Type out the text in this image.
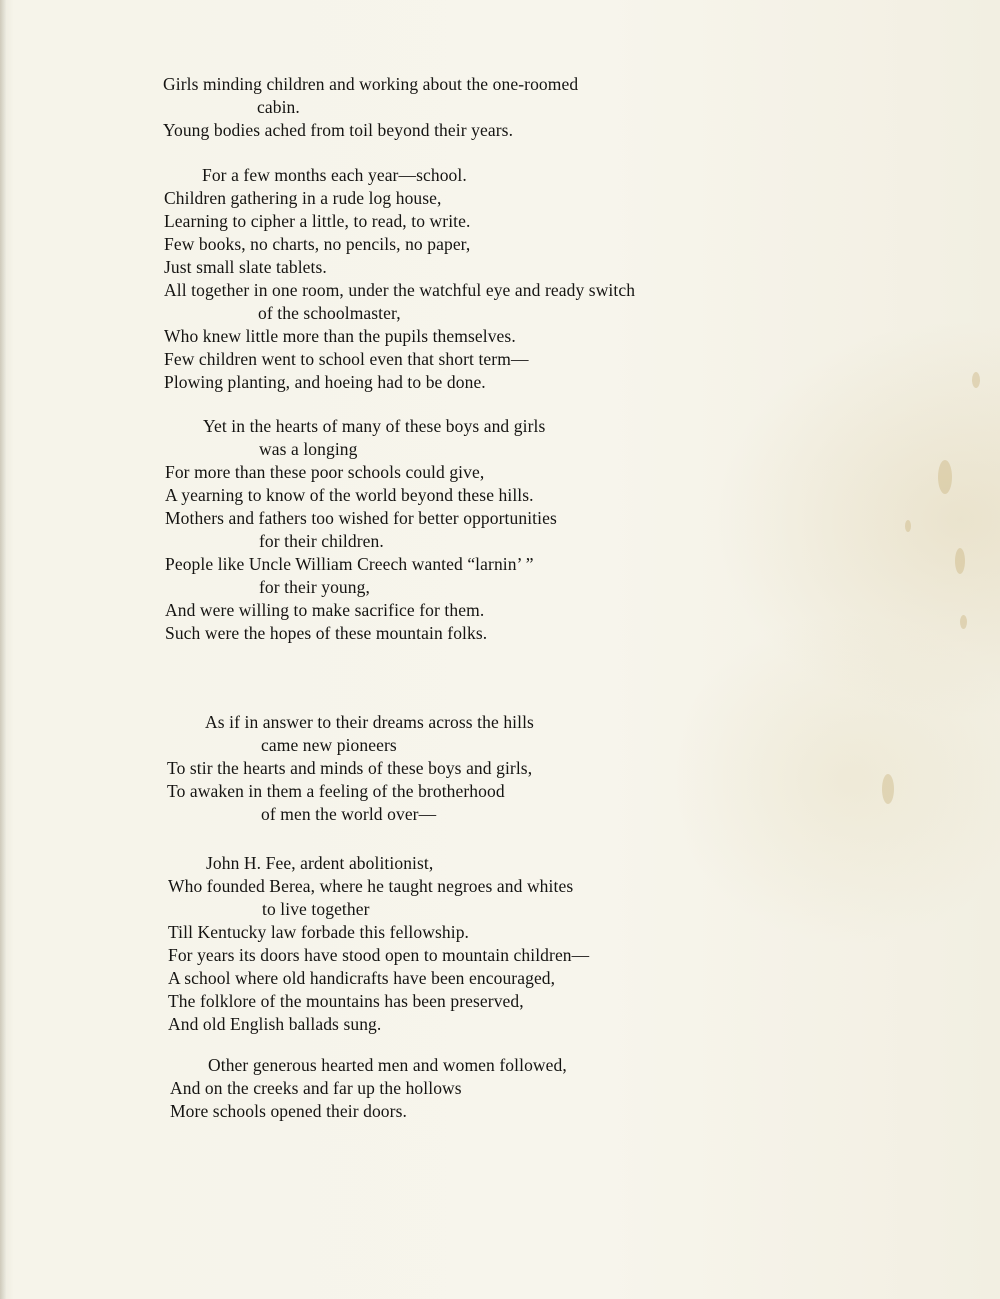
Girls minding children and working about the one-roomed
cabin.
Young bodies ached from toil beyond their years.
For a few months each year—school.
Children gathering in a rude log house,
Learning to cipher a little, to read, to write.
Few books, no charts, no pencils, no paper,
Just small slate tablets.
All together in one room, under the watchful eye and ready switch
of the schoolmaster,
Who knew little more than the pupils themselves.
Few children went to school even that short term—
Plowing planting, and hoeing had to be done.
Yet in the hearts of many of these boys and girls
was a longing
For more than these poor schools could give,
A yearning to know of the world beyond these hills.
Mothers and fathers too wished for better opportunities
for their children.
People like Uncle William Creech wanted “larnin’ ”
for their young,
And were willing to make sacrifice for them.
Such were the hopes of these mountain folks.
As if in answer to their dreams across the hills
came new pioneers
To stir the hearts and minds of these boys and girls,
To awaken in them a feeling of the brotherhood
of men the world over—
John H. Fee, ardent abolitionist,
Who founded Berea, where he taught negroes and whites
to live together
Till Kentucky law forbade this fellowship.
For years its doors have stood open to mountain children—
A school where old handicrafts have been encouraged,
The folklore of the mountains has been preserved,
And old English ballads sung.
Other generous hearted men and women followed,
And on the creeks and far up the hollows
More schools opened their doors.
